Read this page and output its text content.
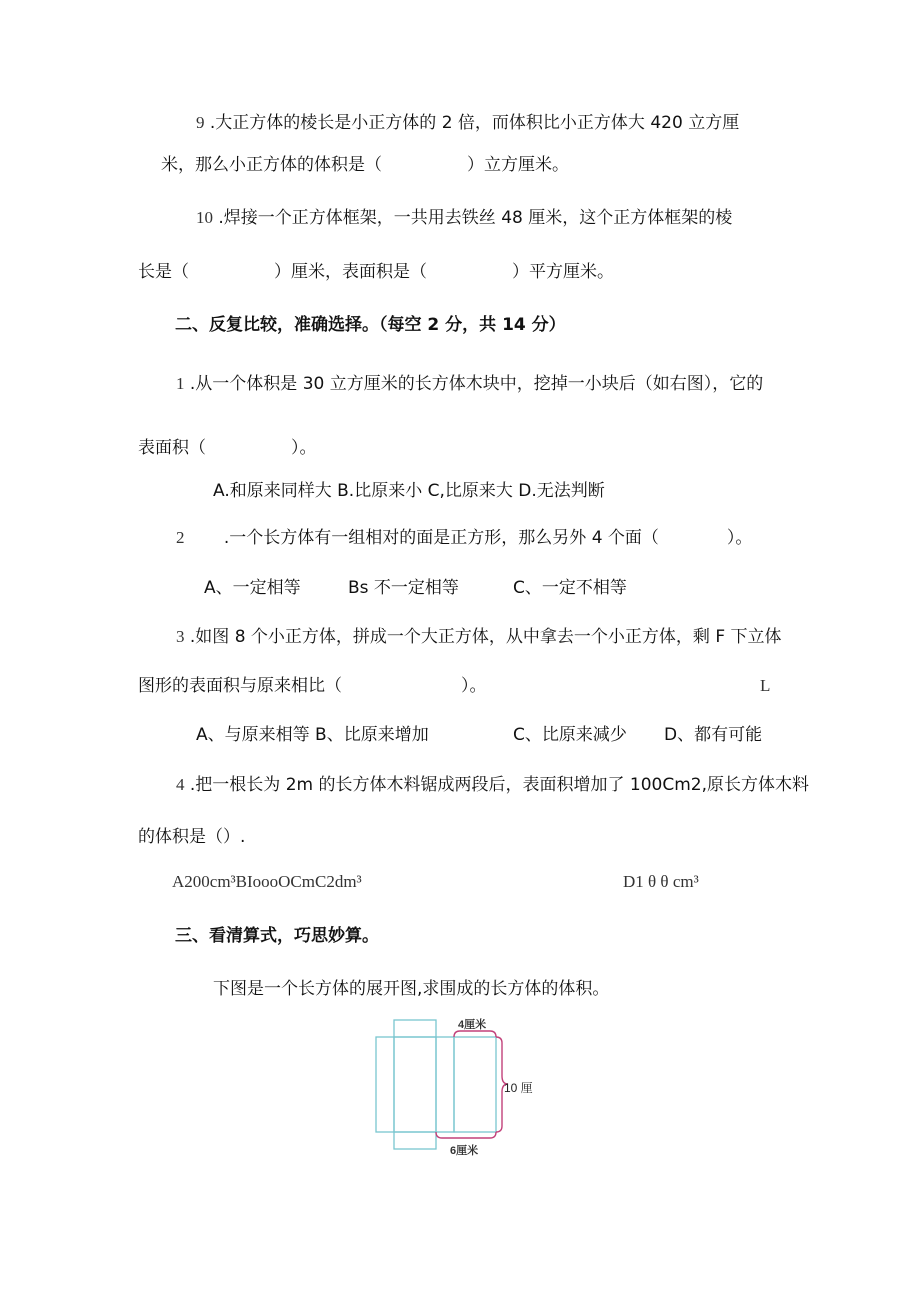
9 .大正方体的棱长是小正方体的 2 倍，而体积比小正方体大 420 立方厘
米，那么小正方体的体积是（　　　　　）立方厘米。
10 .焊接一个正方体框架，一共用去铁丝 48 厘米，这个正方体框架的棱
长是（　　　　　）厘米，表面积是（　　　　　）平方厘米。
二、反复比较，准确选择。（每空 2 分，共 14 分）
1 .从一个体积是 30 立方厘米的长方体木块中，挖掉一小块后（如右图），它的
表面积（　　　　　）。
A.和原来同样大 B.比原来小 C,比原来大 D.无法判断
2 .一个长方体有一组相对的面是正方形，那么另外 4 个面（　　　　）。
A、一定相等	Bs 不一定相等	C、一定不相等
3 .如图 8 个小正方体，拼成一个大正方体，从中拿去一个小正方体，剩 F 下立体
图形的表面积与原来相比（　　　　　　　）。	L
A、与原来相等 B、比原来增加	C、比原来减少 D、都有可能
4 .把一根长为 2m 的长方体木料锯成两段后，表面积增加了 100Cm2,原长方体木料
的体积是（）.
A200cm³BIoooOCmC2dm³	D1 θ θ cm³
三、看清算式，巧思妙算。
下图是一个长方体的展开图,求围成的长方体的体积。
4厘米
10 厘
6厘米
